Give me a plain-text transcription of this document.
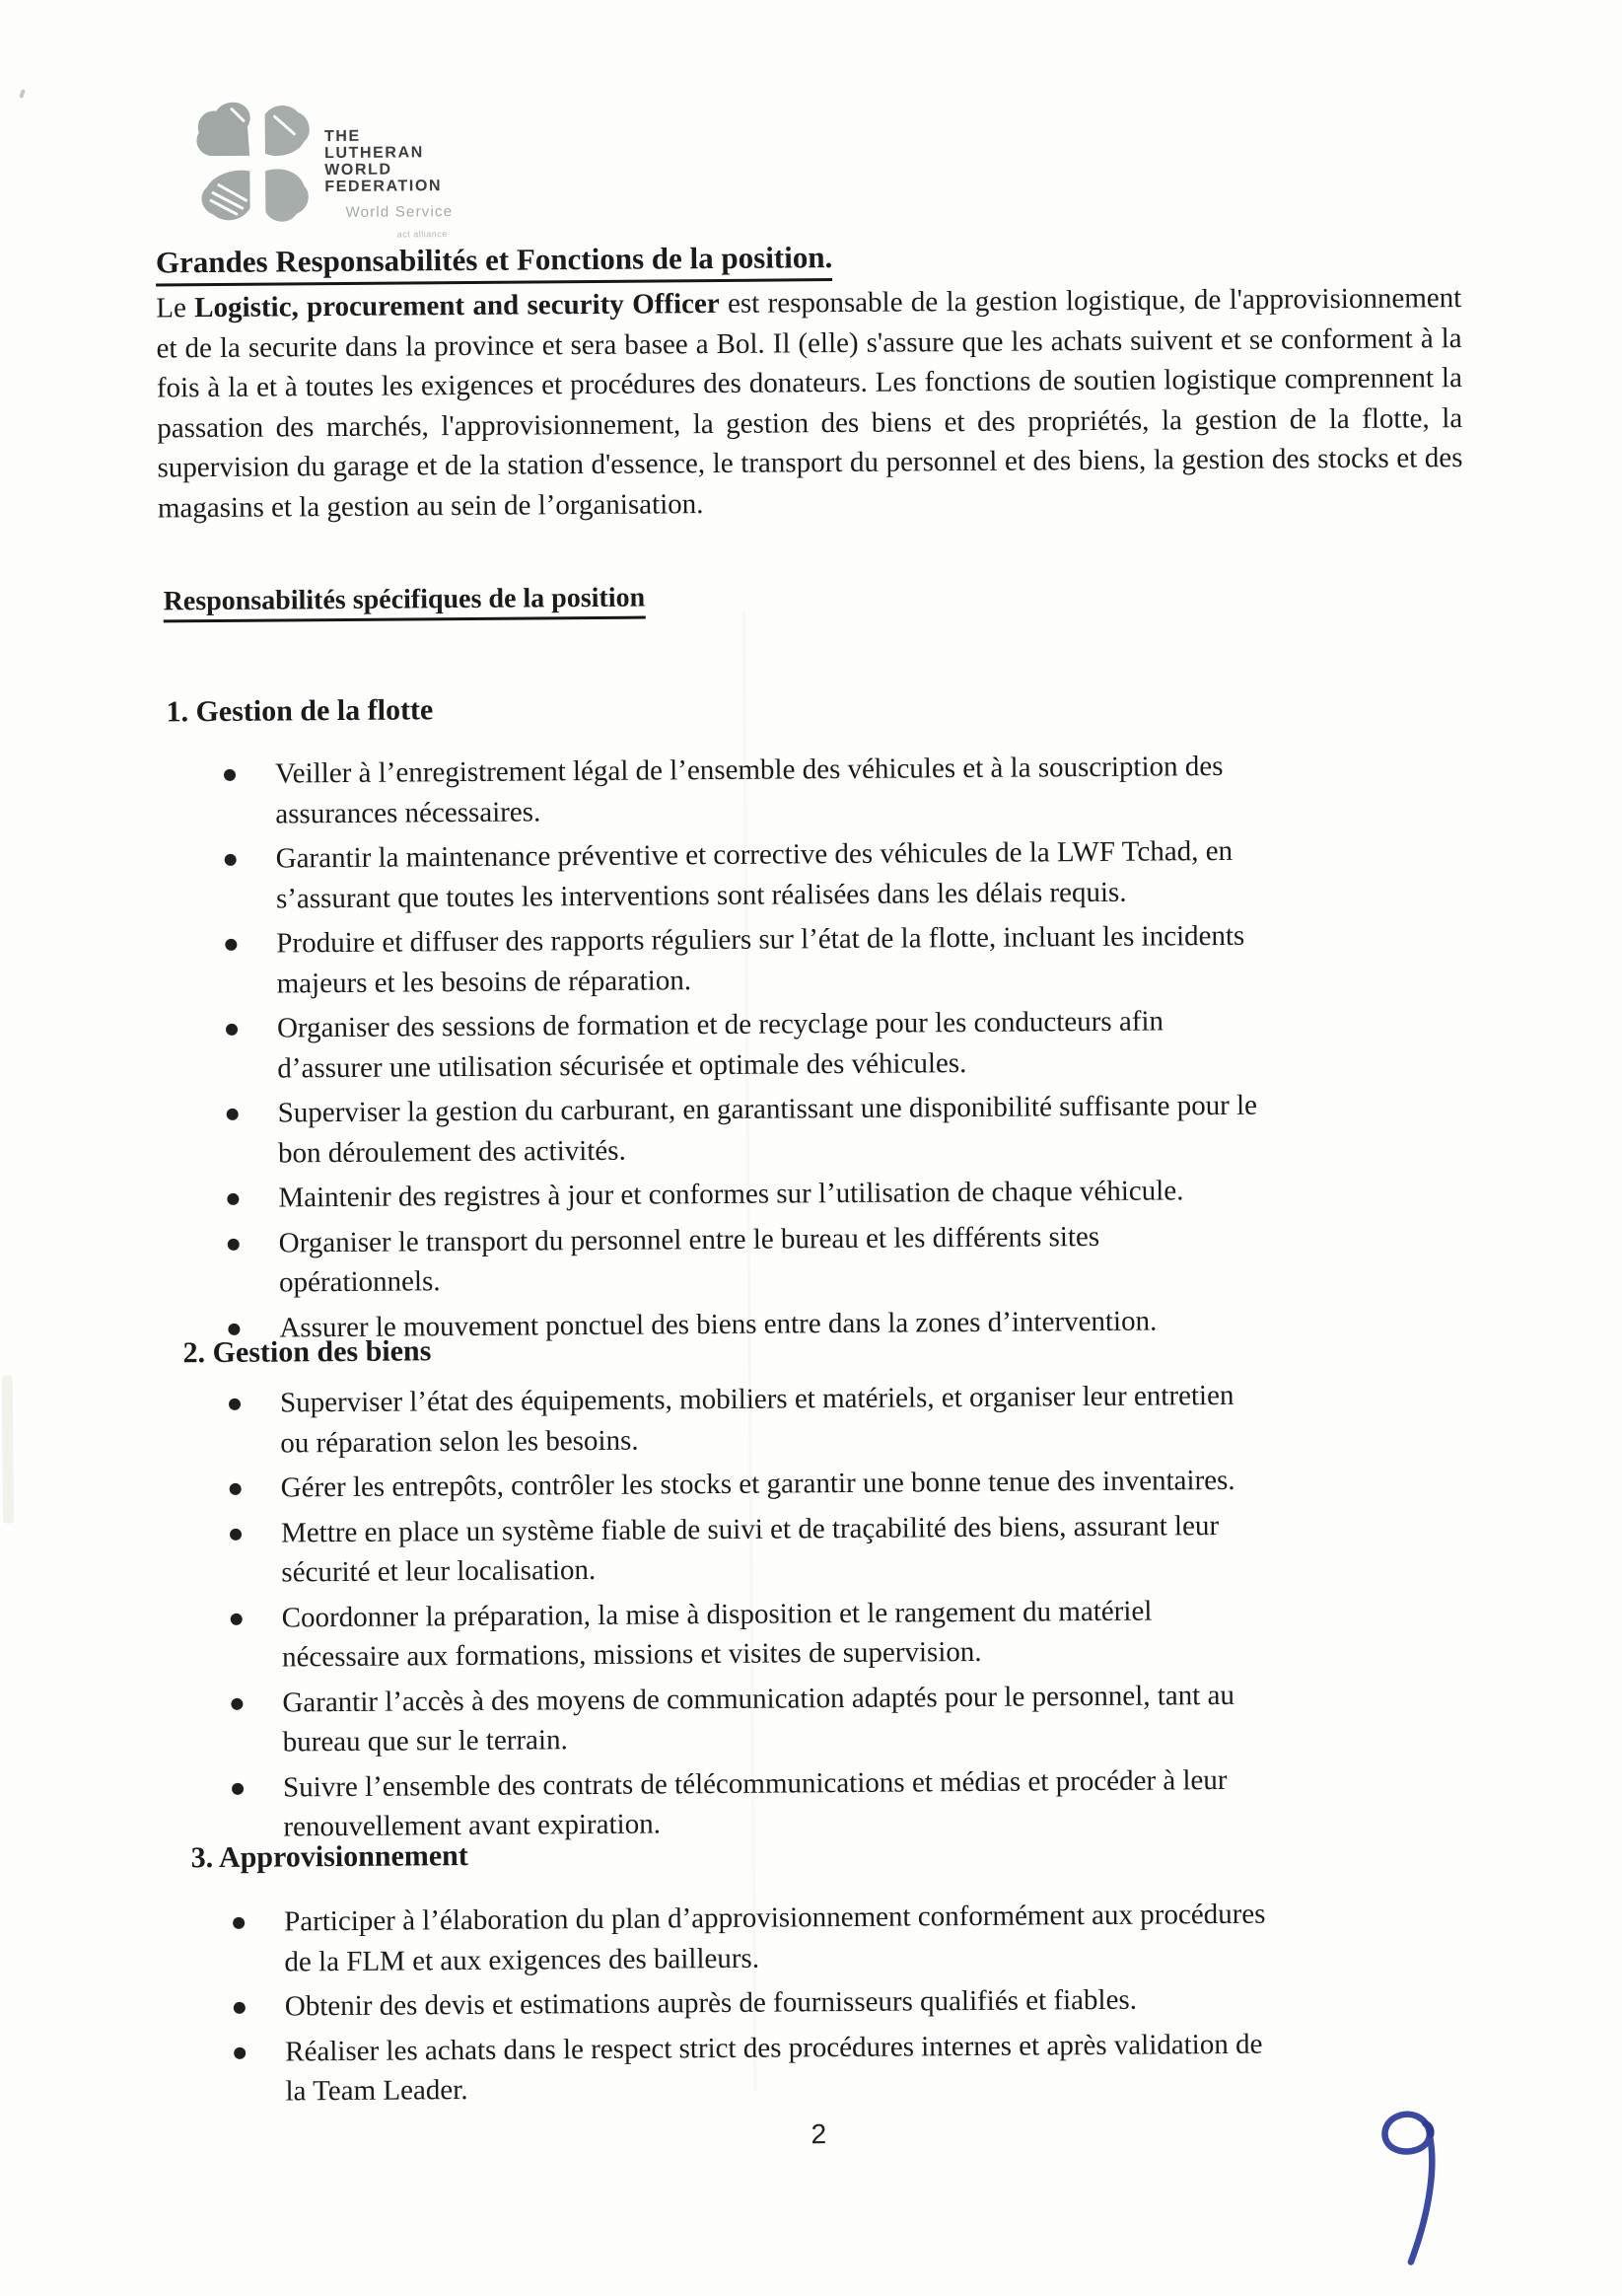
THE
LUTHERAN
WORLD
FEDERATION
World Service
act alliance
Grandes Responsabilités et Fonctions de la position.
Le Logistic, procurement and security Officer est responsable de la gestion logistique, de l'approvisionnement et de la securite dans la province et sera basee a Bol. Il (elle) s'assure que les achats suivent et se conforment à la fois à la et à toutes les exigences et procédures des donateurs. Les fonctions de soutien logistique comprennent la passation des marchés, l'approvisionnement, la gestion des biens et des propriétés, la gestion de la flotte, la supervision du garage et de la station d'essence, le transport du personnel et des biens, la gestion des stocks et des magasins et la gestion au sein de l’organisation.
Responsabilités spécifiques de la position
1. Gestion de la flotte
Veiller à l’enregistrement légal de l’ensemble des véhicules et à la souscription des
assurances nécessaires.
Garantir la maintenance préventive et corrective des véhicules de la LWF Tchad, en
s’assurant que toutes les interventions sont réalisées dans les délais requis.
Produire et diffuser des rapports réguliers sur l’état de la flotte, incluant les incidents
majeurs et les besoins de réparation.
Organiser des sessions de formation et de recyclage pour les conducteurs afin
d’assurer une utilisation sécurisée et optimale des véhicules.
Superviser la gestion du carburant, en garantissant une disponibilité suffisante pour le
bon déroulement des activités.
Maintenir des registres à jour et conformes sur l’utilisation de chaque véhicule.
Organiser le transport du personnel entre le bureau et les différents sites
opérationnels.
Assurer le mouvement ponctuel des biens entre dans la zones d’intervention.
2. Gestion des biens
Superviser l’état des équipements, mobiliers et matériels, et organiser leur entretien
ou réparation selon les besoins.
Gérer les entrepôts, contrôler les stocks et garantir une bonne tenue des inventaires.
Mettre en place un système fiable de suivi et de traçabilité des biens, assurant leur
sécurité et leur localisation.
Coordonner la préparation, la mise à disposition et le rangement du matériel
nécessaire aux formations, missions et visites de supervision.
Garantir l’accès à des moyens de communication adaptés pour le personnel, tant au
bureau que sur le terrain.
Suivre l’ensemble des contrats de télécommunications et médias et procéder à leur
renouvellement avant expiration.
3. Approvisionnement
Participer à l’élaboration du plan d’approvisionnement conformément aux procédures
de la FLM et aux exigences des bailleurs.
Obtenir des devis et estimations auprès de fournisseurs qualifiés et fiables.
Réaliser les achats dans le respect strict des procédures internes et après validation de
la Team Leader.
2
